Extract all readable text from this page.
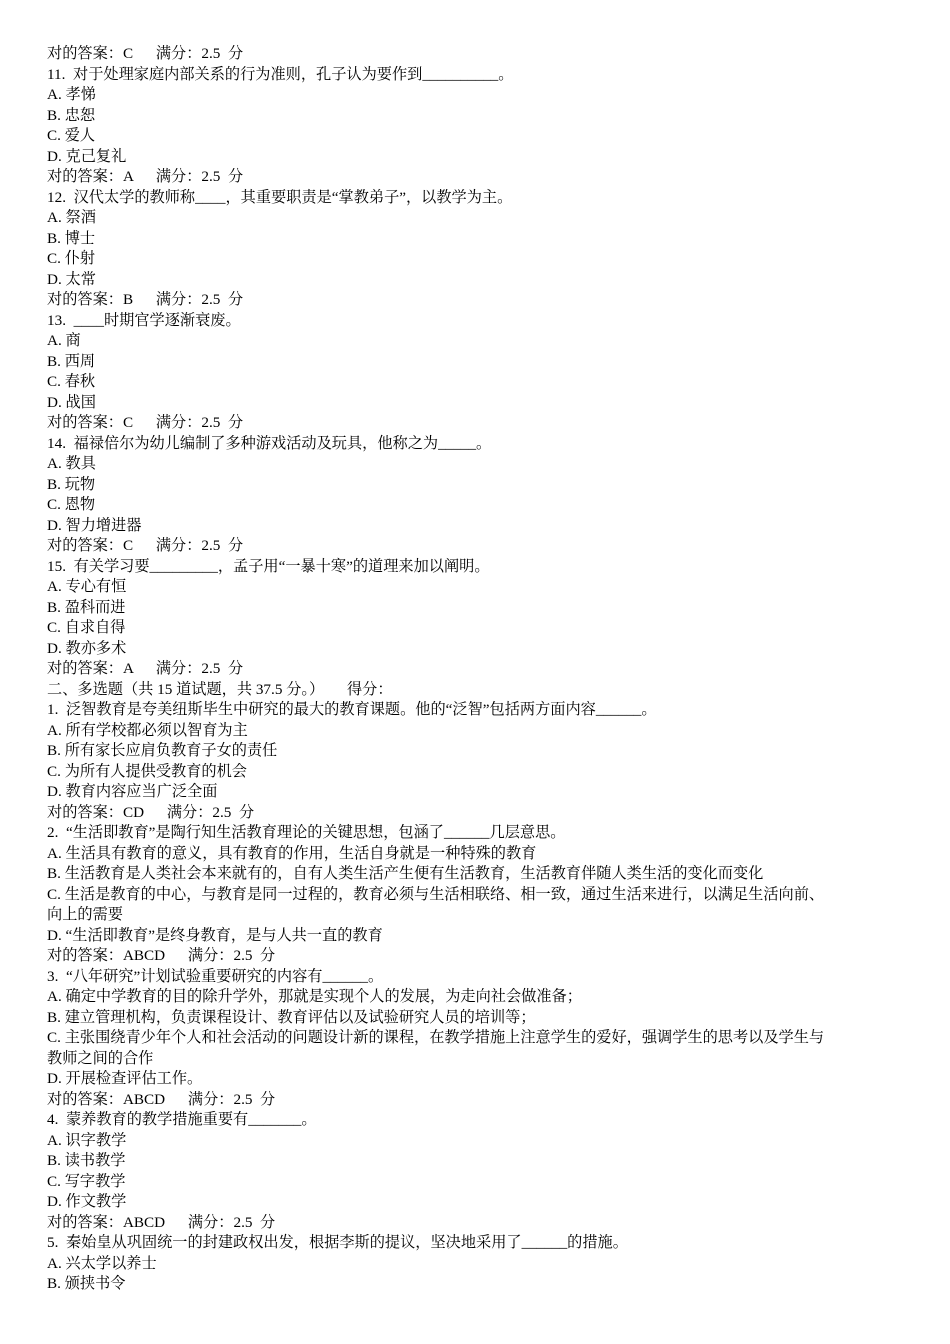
对的答案：C      满分：2.5  分

11.  对于处理家庭内部关系的行为准则，孔子认为要作到__________。

A. 孝悌

B. 忠恕

C. 爱人

D. 克己复礼

对的答案：A      满分：2.5  分

12.  汉代太学的教师称____，其重要职责是“掌教弟子”，以教学为主。

A. 祭酒

B. 博士

C. 仆射

D. 太常

对的答案：B      满分：2.5  分

13.  ____时期官学逐渐衰废。

A. 商

B. 西周

C. 春秋

D. 战国

对的答案：C      满分：2.5  分

14.  福禄倍尔为幼儿编制了多种游戏活动及玩具，他称之为_____。

A. 教具

B. 玩物

C. 恩物

D. 智力增进器

对的答案：C      满分：2.5  分

15.  有关学习要_________，孟子用“一暴十寒”的道理来加以阐明。

A. 专心有恒

B. 盈科而进

C. 自求自得

D. 教亦多术

对的答案：A      满分：2.5  分

二、多选题（共 15 道试题，共 37.5 分。）      得分：

1.  泛智教育是夸美纽斯毕生中研究的最大的教育课题。他的“泛智”包括两方面内容______。

A. 所有学校都必须以智育为主

B. 所有家长应肩负教育子女的责任

C. 为所有人提供受教育的机会

D. 教育内容应当广泛全面

对的答案：CD      满分：2.5  分

2.  “生活即教育”是陶行知生活教育理论的关键思想，包涵了______几层意思。

A. 生活具有教育的意义，具有教育的作用，生活自身就是一种特殊的教育

B. 生活教育是人类社会本来就有的，自有人类生活产生便有生活教育，生活教育伴随人类生活的变化而变化

C. 生活是教育的中心，与教育是同一过程的，教育必须与生活相联络、相一致，通过生活来进行，以满足生活向前、

向上的需要

D. “生活即教育”是终身教育，是与人共一直的教育

对的答案：ABCD      满分：2.5  分

3.  “八年研究”计划试验重要研究的内容有______。

A. 确定中学教育的目的除升学外，那就是实现个人的发展，为走向社会做准备；

B. 建立管理机构，负责课程设计、教育评估以及试验研究人员的培训等；

C. 主张围绕青少年个人和社会活动的问题设计新的课程，在教学措施上注意学生的爱好，强调学生的思考以及学生与

教师之间的合作

D. 开展检查评估工作。

对的答案：ABCD      满分：2.5  分

4.  蒙养教育的教学措施重要有_______。

A. 识字教学

B. 读书教学

C. 写字教学

D. 作文教学

对的答案：ABCD      满分：2.5  分

5.  秦始皇从巩固统一的封建政权出发，根据李斯的提议，坚决地采用了______的措施。

A. 兴太学以养士

B. 颁挟书令
